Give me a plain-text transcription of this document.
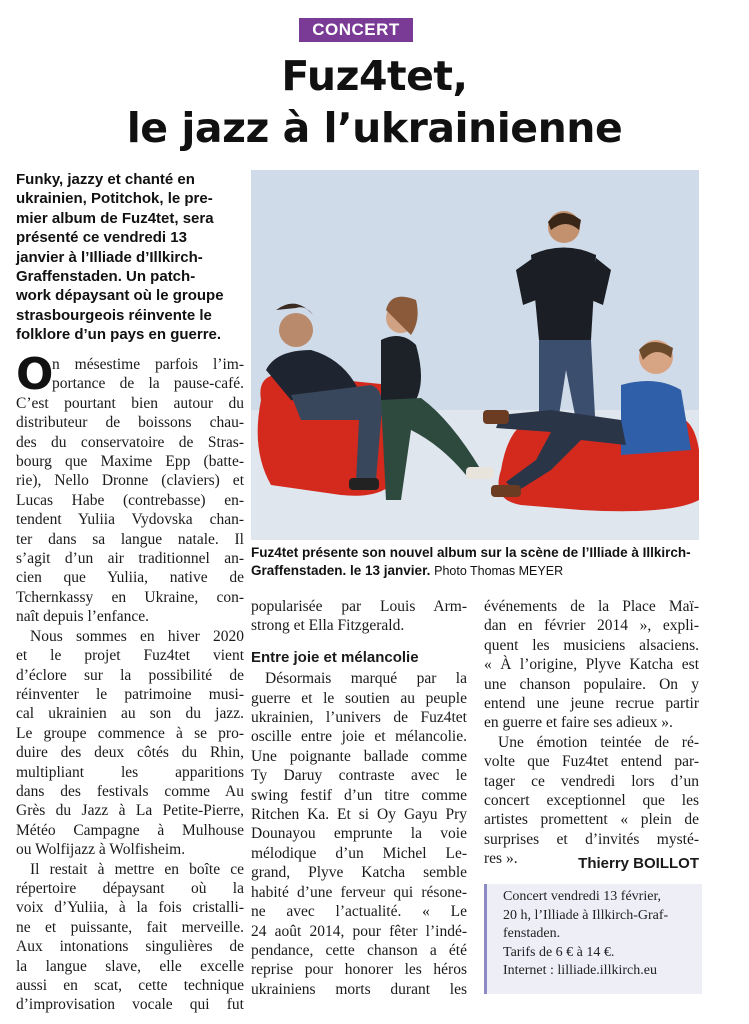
CONCERT
Fuz4tet,
le jazz à l’ukrainienne
Funky, jazzy et chanté en
ukrainien, Potitchok, le pre-
mier album de Fuz4tet, sera
présenté ce vendredi 13
janvier à l’Illiade d’Illkirch-
Graffenstaden. Un patch-
work dépaysant où le groupe
strasbourgeois réinvente le
folklore d’un pays en guerre.
O
n mésestime parfois l’im-
portance de la pause-café.
C’est pourtant bien autour du
distributeur de boissons chau-
des du conservatoire de Stras-
bourg que Maxime Epp (batte-
rie), Nello Dronne (claviers) et
Lucas Habe (contrebasse) en-
tendent Yuliia Vydovska chan-
ter dans sa langue natale. Il
s’agit d’un air traditionnel an-
cien que Yuliia, native de
Tchernkassy en Ukraine, con-
naît depuis l’enfance.
Nous sommes en hiver 2020
et le projet Fuz4tet vient
d’éclore sur la possibilité de
réinventer le patrimoine musi-
cal ukrainien au son du jazz.
Le groupe commence à se pro-
duire des deux côtés du Rhin,
multipliant les apparitions
dans des festivals comme Au
Grès du Jazz à La Petite-Pierre,
Météo Campagne à Mulhouse
ou Wolfijazz à Wolfisheim.
Il restait à mettre en boîte ce
répertoire dépaysant où la
voix d’Yuliia, à la fois cristalli-
ne et puissante, fait merveille.
Aux intonations singulières de
la langue slave, elle excelle
aussi en scat, cette technique
d’improvisation vocale qui fut
Fuz4tet présente son nouvel album sur la scène de l’Illiade à Illkirch-Graffenstaden. le 13 janvier. Photo Thomas MEYER
popularisée par Louis Arm-
strong et Ella Fitzgerald.
Entre joie et mélancolie
Désormais marqué par la
guerre et le soutien au peuple
ukrainien, l’univers de Fuz4tet
oscille entre joie et mélancolie.
Une poignante ballade comme
Ty Daruy contraste avec le
swing festif d’un titre comme
Ritchen Ka. Et si Oy Gayu Pry
Dounayou emprunte la voie
mélodique d’un Michel Le-
grand, Plyve Katcha semble
habité d’une ferveur qui résone-
ne avec l’actualité. « Le
24 août 2014, pour fêter l’indé-
pendance, cette chanson a été
reprise pour honorer les héros
ukrainiens morts durant les
événements de la Place Maï-
dan en février 2014 », expli-
quent les musiciens alsaciens.
« À l’origine, Plyve Katcha est
une chanson populaire. On y
entend une jeune recrue partir
en guerre et faire ses adieux ».
Une émotion teintée de ré-
volte que Fuz4tet entend par-
tager ce vendredi lors d’un
concert exceptionnel que les
artistes promettent « plein de
surprises et d’invités mysté-
res ».	Thierry BOILLOT
Concert vendredi 13 février,
20 h, l’Illiade à Illkirch-Graf-
fenstaden.
Tarifs de 6 € à 14 €.
Internet : lilliade.illkirch.eu
